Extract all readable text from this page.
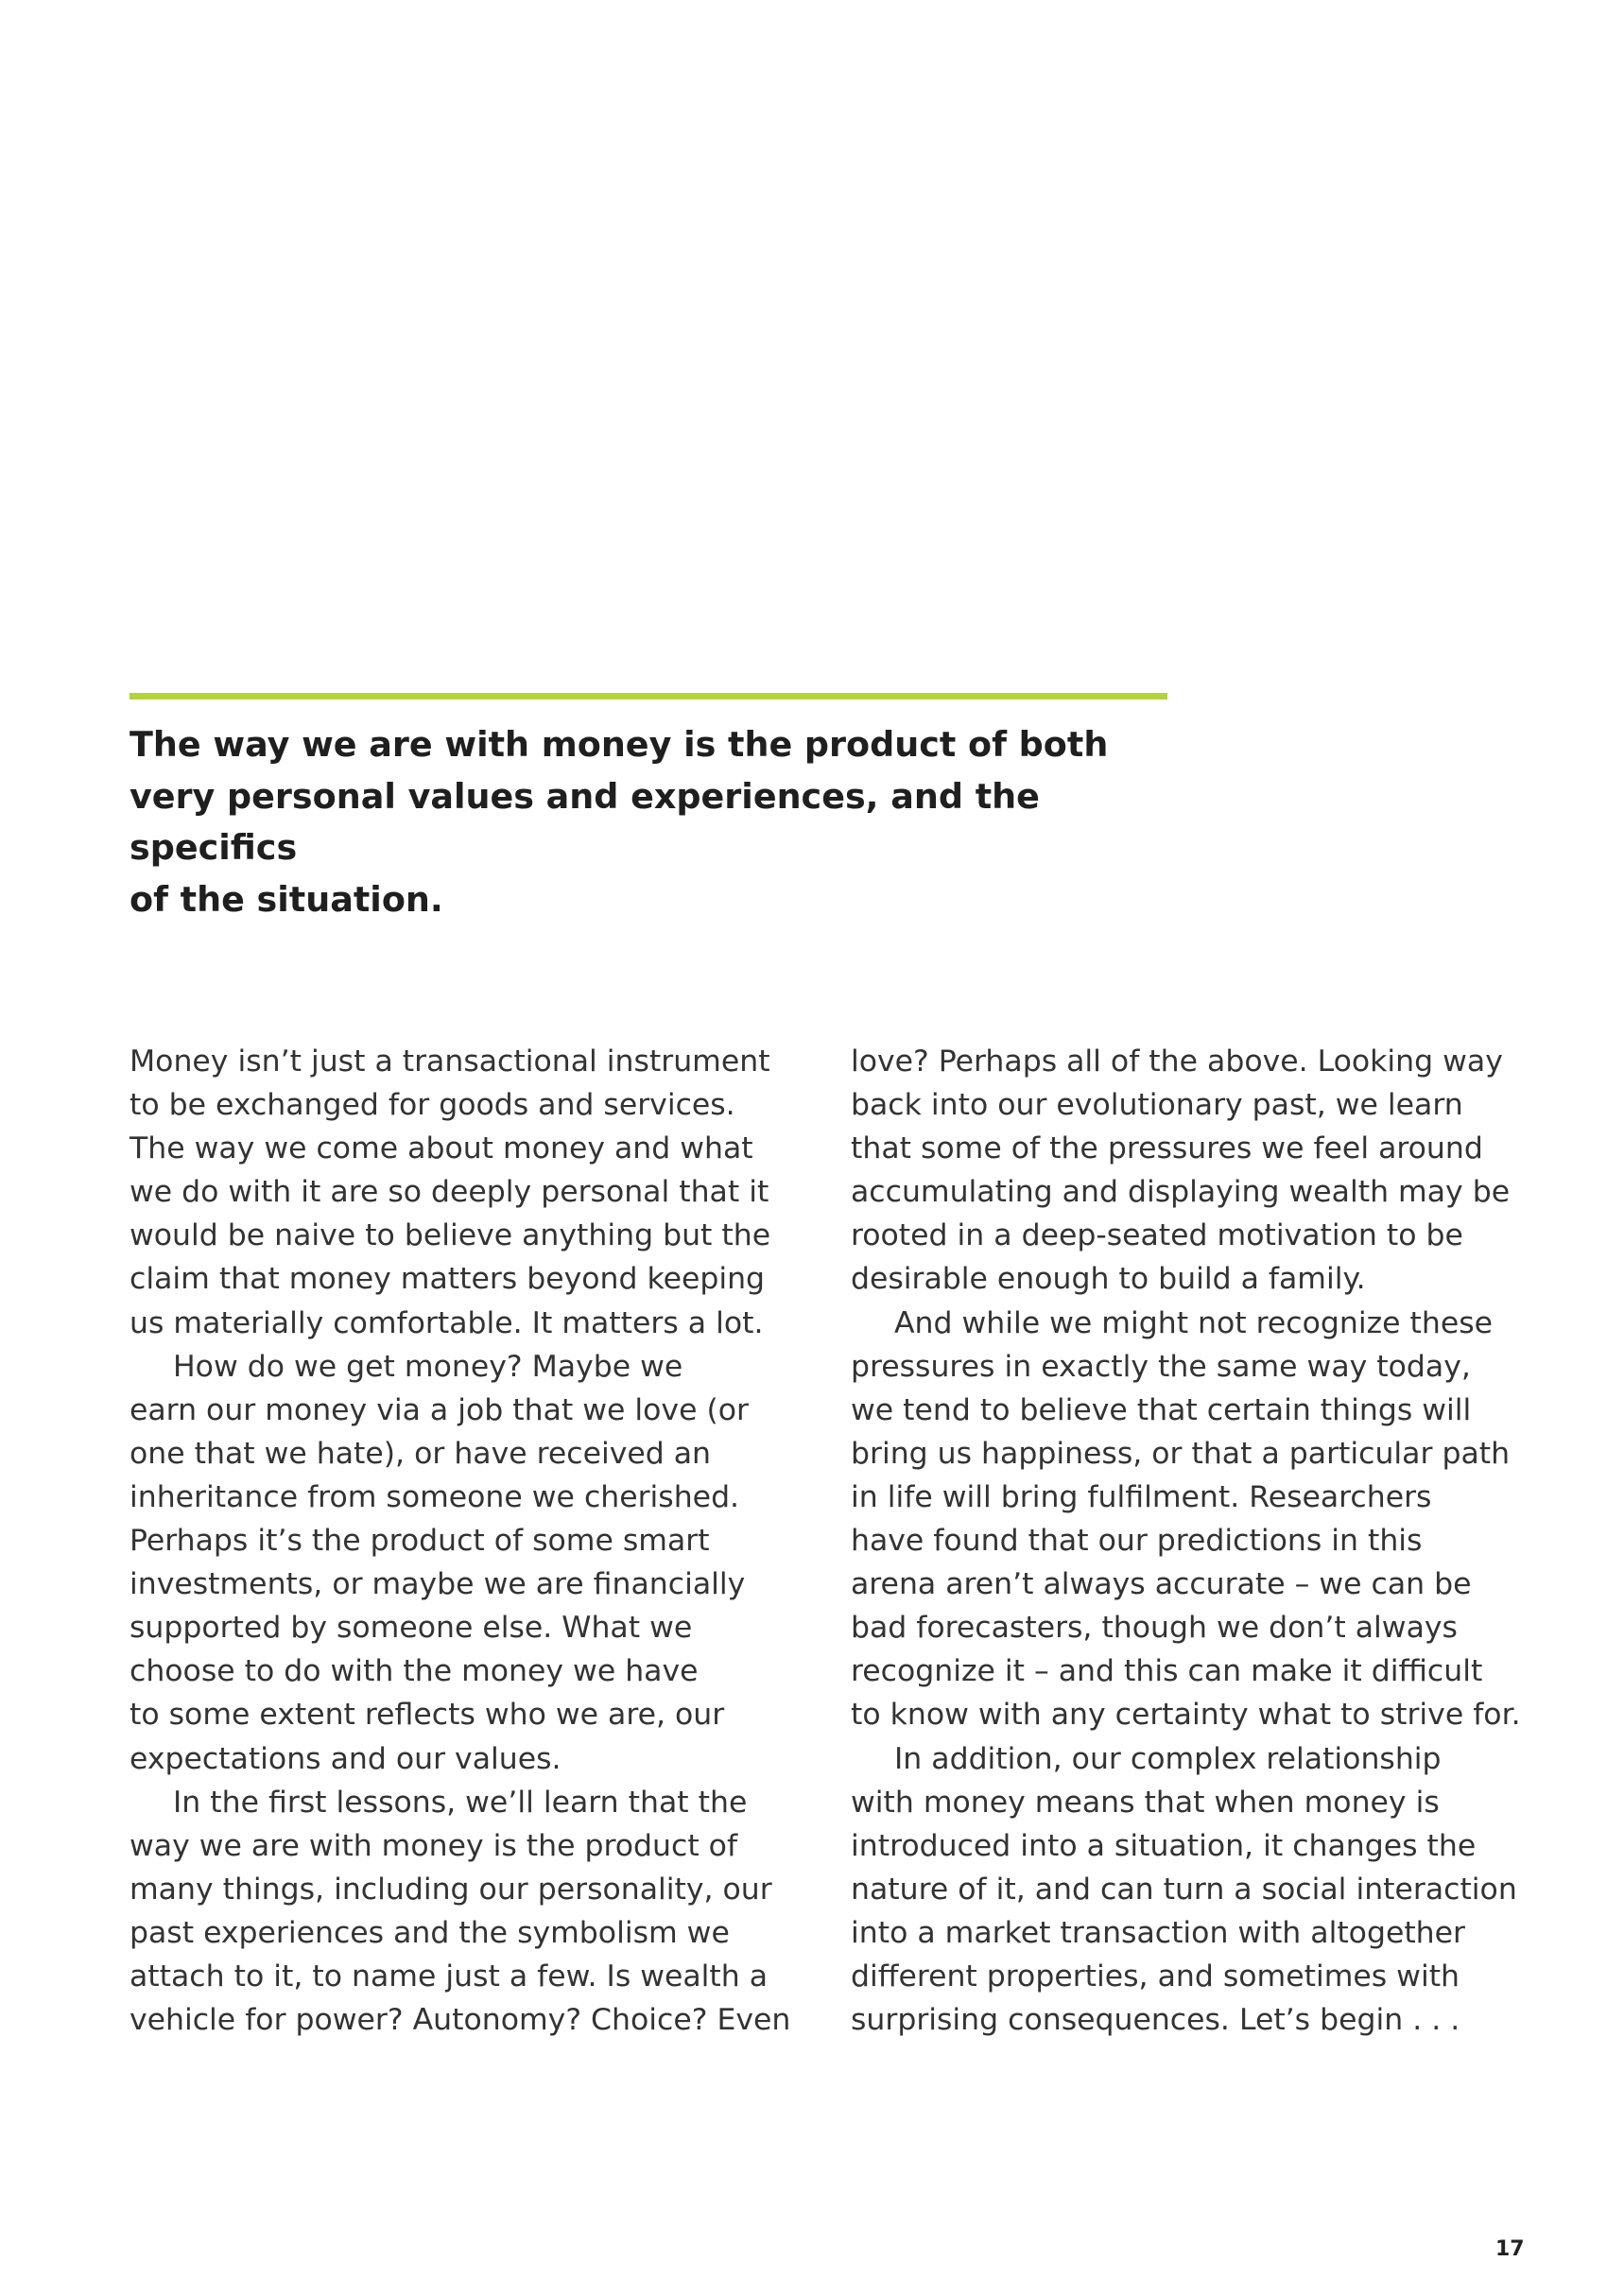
The way we are with money is the product of both
very personal values and experiences, and the specifics
of the situation.
Money isn’t just a transactional instrument
to be exchanged for goods and services.
The way we come about money and what
we do with it are so deeply personal that it
would be naive to believe anything but the
claim that money matters beyond keeping
us materially comfortable. It matters a lot.
How do we get money? Maybe we
earn our money via a job that we love (or
one that we hate), or have received an
inheritance from someone we cherished.
Perhaps it’s the product of some smart
investments, or maybe we are financially
supported by someone else. What we
choose to do with the money we have
to some extent reflects who we are, our
expectations and our values.
In the first lessons, we’ll learn that the
way we are with money is the product of
many things, including our personality, our
past experiences and the symbolism we
attach to it, to name just a few. Is wealth a
vehicle for power? Autonomy? Choice? Even
love? Perhaps all of the above. Looking way
back into our evolutionary past, we learn
that some of the pressures we feel around
accumulating and displaying wealth may be
rooted in a deep-seated motivation to be
desirable enough to build a family.
And while we might not recognize these
pressures in exactly the same way today,
we tend to believe that certain things will
bring us happiness, or that a particular path
in life will bring fulfilment. Researchers
have found that our predictions in this
arena aren’t always accurate – we can be
bad forecasters, though we don’t always
recognize it – and this can make it difficult
to know with any certainty what to strive for.
In addition, our complex relationship
with money means that when money is
introduced into a situation, it changes the
nature of it, and can turn a social interaction
into a market transaction with altogether
different properties, and sometimes with
surprising consequences. Let’s begin . . .
17
